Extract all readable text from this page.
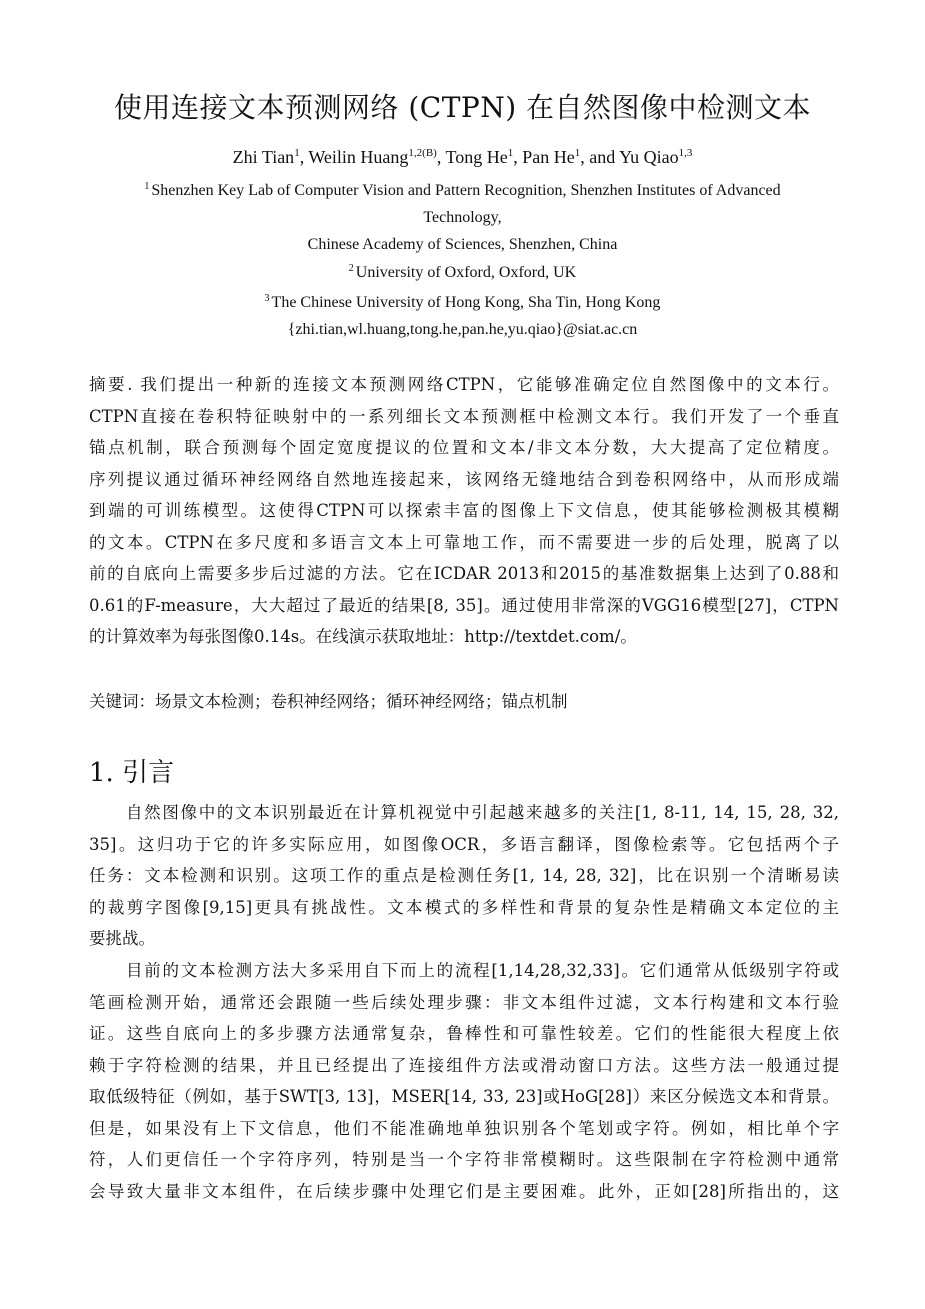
使用连接文本预测网络 (CTPN) 在自然图像中检测文本
Zhi Tian$^1$, Weilin Huang$^{1,2(B)}$, Tong He$^1$, Pan He$^1$, and Yu Qiao$^{1,3}$
$^1$ Shenzhen Key Lab of Computer Vision and Pattern Recognition, Shenzhen Institutes of Advanced
Technology,
Chinese Academy of Sciences, Shenzhen, China
$^2$ University of Oxford, Oxford, UK
$^3$ The Chinese University of Hong Kong, Sha Tin, Hong Kong
{zhi.tian,wl.huang,tong.he,pan.he,yu.qiao}@siat.ac.cn
摘要. 我们提出一种新的连接文本预测网络CTPN，它能够准确定位自然图像中的文本行。
CTPN直接在卷积特征映射中的一系列细长文本预测框中检测文本行。我们开发了一个垂直
锚点机制，联合预测每个固定宽度提议的位置和文本/非文本分数，大大提高了定位精度。
序列提议通过循环神经网络自然地连接起来，该网络无缝地结合到卷积网络中，从而形成端
到端的可训练模型。这使得CTPN可以探索丰富的图像上下文信息，使其能够检测极其模糊
的文本。CTPN在多尺度和多语言文本上可靠地工作，而不需要进一步的后处理，脱离了以
前的自底向上需要多步后过滤的方法。它在ICDAR 2013和2015的基准数据集上达到了0.88和
0.61的F-measure，大大超过了最近的结果[8, 35]。通过使用非常深的VGG16模型[27]，CTPN
的计算效率为每张图像0.14s。在线演示获取地址：http://textdet.com/。
关键词：场景文本检测；卷积神经网络；循环神经网络；锚点机制
1. 引言
自然图像中的文本识别最近在计算机视觉中引起越来越多的关注[1, 8-11, 14, 15, 28, 32,
35]。这归功于它的许多实际应用，如图像OCR，多语言翻译，图像检索等。它包括两个子
任务：文本检测和识别。这项工作的重点是检测任务[1, 14, 28, 32]，比在识别一个清晰易读
的裁剪字图像[9,15]更具有挑战性。文本模式的多样性和背景的复杂性是精确文本定位的主
要挑战。
目前的文本检测方法大多采用自下而上的流程[1,14,28,32,33]。它们通常从低级别字符或
笔画检测开始，通常还会跟随一些后续处理步骤：非文本组件过滤，文本行构建和文本行验
证。这些自底向上的多步骤方法通常复杂，鲁棒性和可靠性较差。它们的性能很大程度上依
赖于字符检测的结果，并且已经提出了连接组件方法或滑动窗口方法。这些方法一般通过提
取低级特征（例如，基于SWT[3, 13]，MSER[14, 33, 23]或HoG[28]）来区分候选文本和背景。
但是，如果没有上下文信息，他们不能准确地单独识别各个笔划或字符。例如，相比单个字
符，人们更信任一个字符序列，特别是当一个字符非常模糊时。这些限制在字符检测中通常
会导致大量非文本组件，在后续步骤中处理它们是主要困难。此外，正如[28]所指出的，这
